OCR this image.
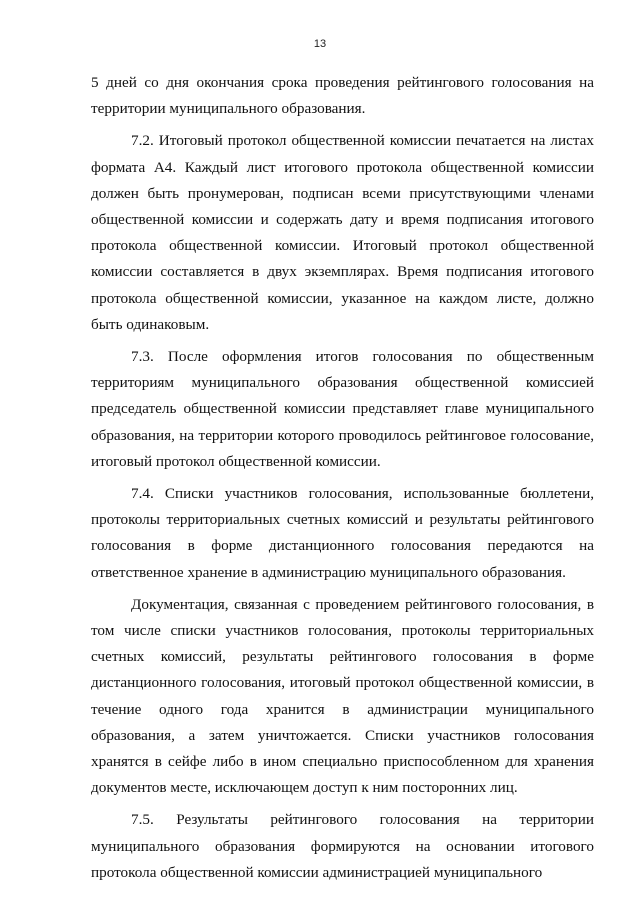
13

5 дней со дня окончания срока проведения рейтингового голосования на территории муниципального образования.

7.2. Итоговый протокол общественной комиссии печатается на листах формата А4. Каждый лист итогового протокола общественной комиссии должен быть пронумерован, подписан всеми присутствующими членами общественной комиссии и содержать дату и время подписания итогового протокола общественной комиссии. Итоговый протокол общественной комиссии составляется в двух экземплярах. Время подписания итогового протокола общественной комиссии, указанное на каждом листе, должно быть одинаковым.

7.3. После оформления итогов голосования по общественным территориям муниципального образования общественной комиссией председатель общественной комиссии представляет главе муниципального образования, на территории которого проводилось рейтинговое голосование, итоговый протокол общественной комиссии.

7.4. Списки участников голосования, использованные бюллетени, протоколы территориальных счетных комиссий и результаты рейтингового голосования в форме дистанционного голосования передаются на ответственное хранение в администрацию муниципального образования.

Документация, связанная с проведением рейтингового голосования, в том числе списки участников голосования, протоколы территориальных счетных комиссий, результаты рейтингового голосования в форме дистанционного голосования, итоговый протокол общественной комиссии, в течение одного года хранится в администрации муниципального образования, а затем уничтожается. Списки участников голосования хранятся в сейфе либо в ином специально приспособленном для хранения документов месте, исключающем доступ к ним посторонних лиц.

7.5. Результаты рейтингового голосования на территории муниципального образования формируются на основании итогового протокола общественной комиссии администрацией муниципального
